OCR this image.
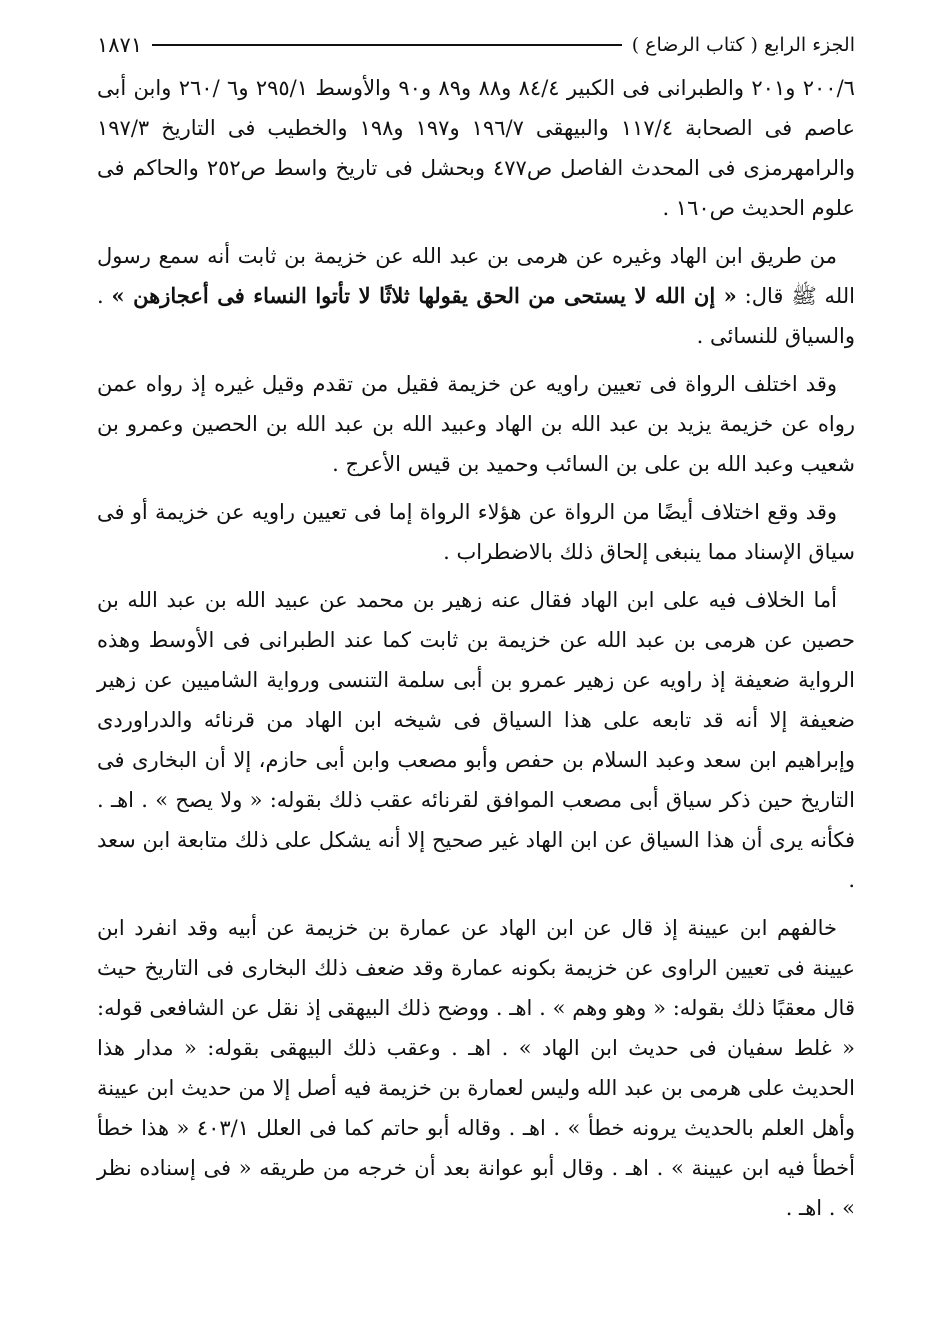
الجزء الرابع ( كتاب الرضاع )
١٨٧١

٢٠٠/٦ و٢٠١ والطبرانى فى الكبير ٨٤/٤ و٨٨ و٨٩ و٩٠ والأوسط ٢٩٥/١ و٦ /٢٦٠ وابن أبى عاصم فى الصحابة ١١٧/٤ والبيهقى ١٩٦/٧ و١٩٧ و١٩٨ والخطيب فى التاريخ ١٩٧/٣ والرامهرمزى فى المحدث الفاصل ص٤٧٧ وبحشل فى تاريخ واسط ص٢٥٢ والحاكم فى علوم الحديث ص١٦٠ .

من طريق ابن الهاد وغيره عن هرمى بن عبد الله عن خزيمة بن ثابت أنه سمع رسول الله ﷺ قال: « إن الله لا يستحى من الحق يقولها ثلاثًا لا تأتوا النساء فى أعجازهن » . والسياق للنسائى .

وقد اختلف الرواة فى تعيين راويه عن خزيمة فقيل من تقدم وقيل غيره إذ رواه عمن رواه عن خزيمة يزيد بن عبد الله بن الهاد وعبيد الله بن عبد الله بن الحصين وعمرو بن شعيب وعبد الله بن على بن السائب وحميد بن قيس الأعرج .

وقد وقع اختلاف أيضًا من الرواة عن هؤلاء الرواة إما فى تعيين راويه عن خزيمة أو فى سياق الإسناد مما ينبغى إلحاق ذلك بالاضطراب .

أما الخلاف فيه على ابن الهاد فقال عنه زهير بن محمد عن عبيد الله بن عبد الله بن حصين عن هرمى بن عبد الله عن خزيمة بن ثابت كما عند الطبرانى فى الأوسط وهذه الرواية ضعيفة إذ راويه عن زهير عمرو بن أبى سلمة التنسى ورواية الشاميين عن زهير ضعيفة إلا أنه قد تابعه على هذا السياق فى شيخه ابن الهاد من قرنائه والدراوردى وإبراهيم ابن سعد وعبد السلام بن حفص وأبو مصعب وابن أبى حازم، إلا أن البخارى فى التاريخ حين ذكر سياق أبى مصعب الموافق لقرنائه عقب ذلك بقوله: « ولا يصح » . اهـ . فكأنه يرى أن هذا السياق عن ابن الهاد غير صحيح إلا أنه يشكل على ذلك متابعة ابن سعد .

خالفهم ابن عيينة إذ قال عن ابن الهاد عن عمارة بن خزيمة عن أبيه وقد انفرد ابن عيينة فى تعيين الراوى عن خزيمة بكونه عمارة وقد ضعف ذلك البخارى فى التاريخ حيث قال معقبًا ذلك بقوله: « وهو وهم » . اهـ . ووضح ذلك البيهقى إذ نقل عن الشافعى قوله: « غلط سفيان فى حديث ابن الهاد » . اهـ . وعقب ذلك البيهقى بقوله: « مدار هذا الحديث على هرمى بن عبد الله وليس لعمارة بن خزيمة فيه أصل إلا من حديث ابن عيينة وأهل العلم بالحديث يرونه خطأ » . اهـ . وقاله أبو حاتم كما فى العلل ٤٠٣/١ « هذا خطأ أخطأ فيه ابن عيينة » . اهـ . وقال أبو عوانة بعد أن خرجه من طريقه « فى إسناده نظر » . اهـ .
